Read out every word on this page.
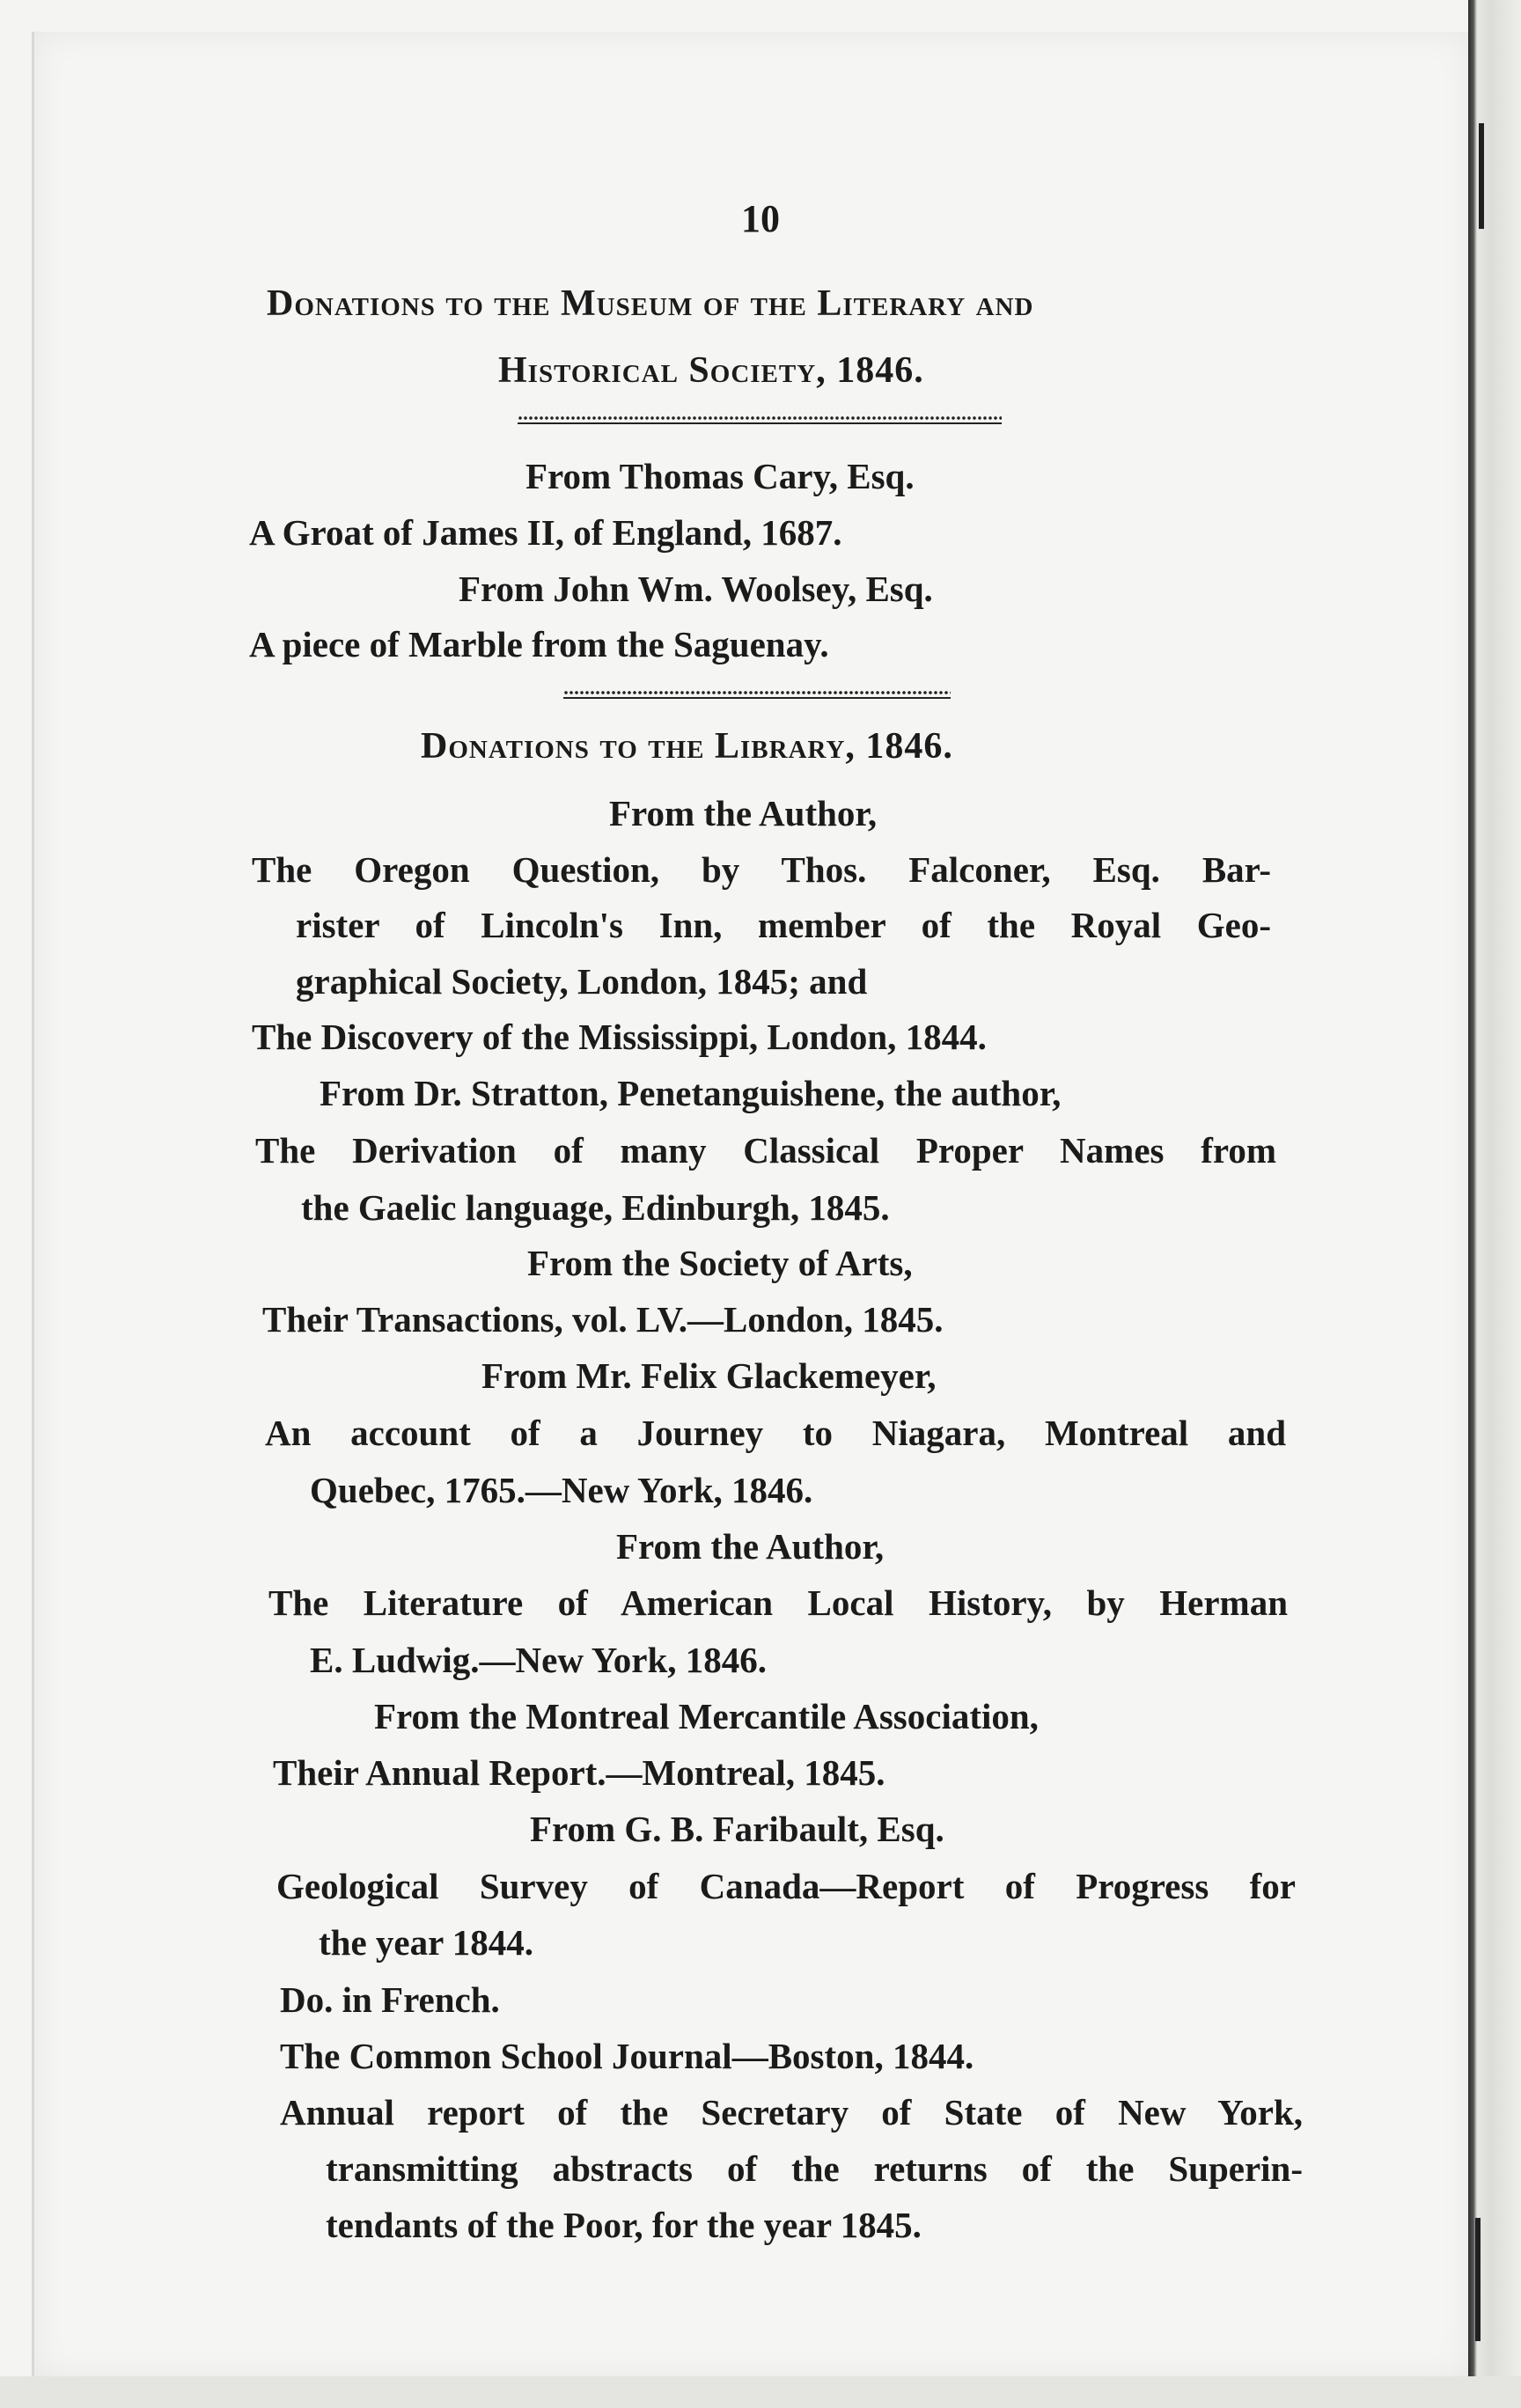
10
Donations to the Museum of the Literary and
Historical Society, 1846.
From Thomas Cary, Esq.
A Groat of James II, of England, 1687.
From John Wm. Woolsey, Esq.
A piece of Marble from the Saguenay.
Donations to the Library, 1846.
From the Author,
The Oregon Question, by Thos. Falconer, Esq. Bar-
rister of Lincoln's Inn, member of the Royal Geo-
graphical Society, London, 1845; and
The Discovery of the Mississippi, London, 1844.
From Dr. Stratton, Penetanguishene, the author,
The Derivation of many Classical Proper Names from
the Gaelic language, Edinburgh, 1845.
From the Society of Arts,
Their Transactions, vol. LV.—London, 1845.
From Mr. Felix Glackemeyer,
An account of a Journey to Niagara, Montreal and
Quebec, 1765.—New York, 1846.
From the Author,
The Literature of American Local History, by Herman
E. Ludwig.—New York, 1846.
From the Montreal Mercantile Association,
Their Annual Report.—Montreal, 1845.
From G. B. Faribault, Esq.
Geological Survey of Canada—Report of Progress for
the year 1844.
Do. in French.
The Common School Journal—Boston, 1844.
Annual report of the Secretary of State of New York,
transmitting abstracts of the returns of the Superin-
tendants of the Poor, for the year 1845.
